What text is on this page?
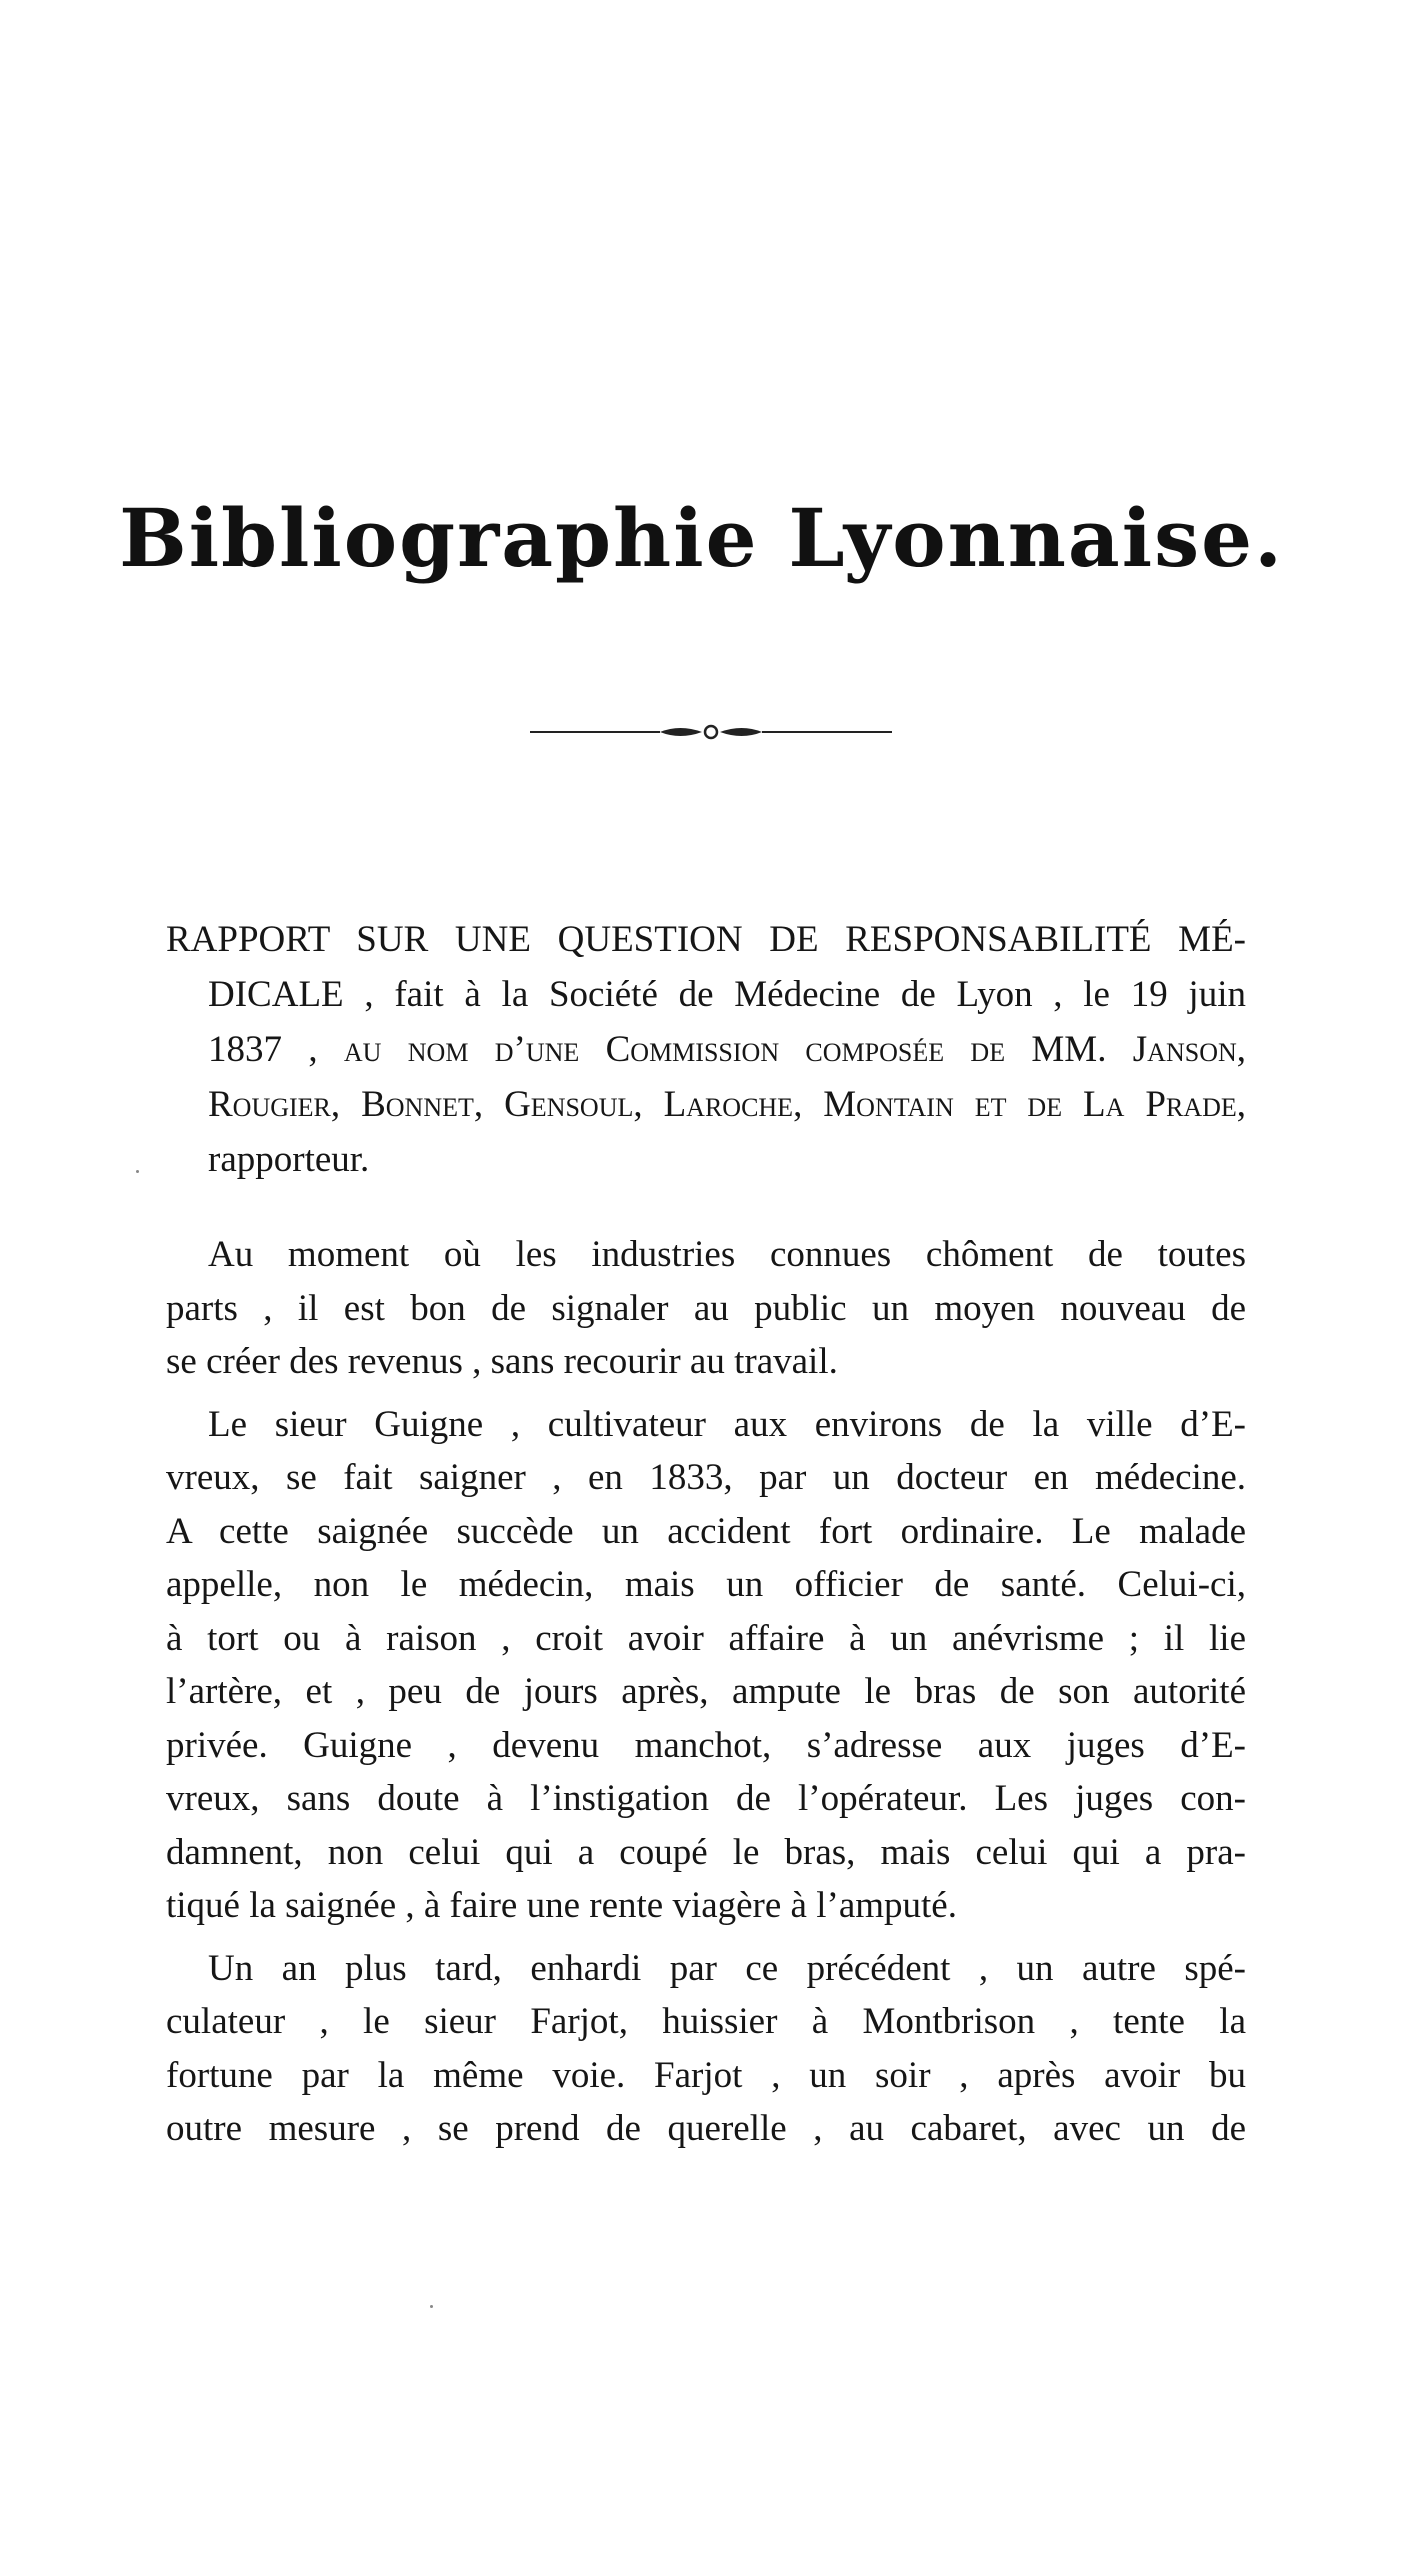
Bibliographie Lyonnaise.
RAPPORT SUR UNE QUESTION DE RESPONSABILITÉ MÉ-
DICALE , fait à la Société de Médecine de Lyon , le 19 juin
1837 , au nom d’une Commission composée de MM. Janson,
Rougier, Bonnet, Gensoul, Laroche, Montain et de La Prade,
rapporteur.
Au moment où les industries connues chôment de toutes
parts , il est bon de signaler au public un moyen nouveau de
se créer des revenus , sans recourir au travail.
Le sieur Guigne , cultivateur aux environs de la ville d’E-
vreux, se fait saigner , en 1833, par un docteur en médecine.
A cette saignée succède un accident fort ordinaire. Le malade
appelle, non le médecin, mais un officier de santé. Celui-ci,
à tort ou à raison , croit avoir affaire à un anévrisme ; il lie
l’artère, et , peu de jours après, ampute le bras de son autorité
privée. Guigne , devenu manchot, s’adresse aux juges d’E-
vreux, sans doute à l’instigation de l’opérateur. Les juges con-
damnent, non celui qui a coupé le bras, mais celui qui a pra-
tiqué la saignée , à faire une rente viagère à l’amputé.
Un an plus tard, enhardi par ce précédent , un autre spé-
culateur , le sieur Farjot, huissier à Montbrison , tente la
fortune par la même voie. Farjot , un soir , après avoir bu
outre mesure , se prend de querelle , au cabaret, avec un de
